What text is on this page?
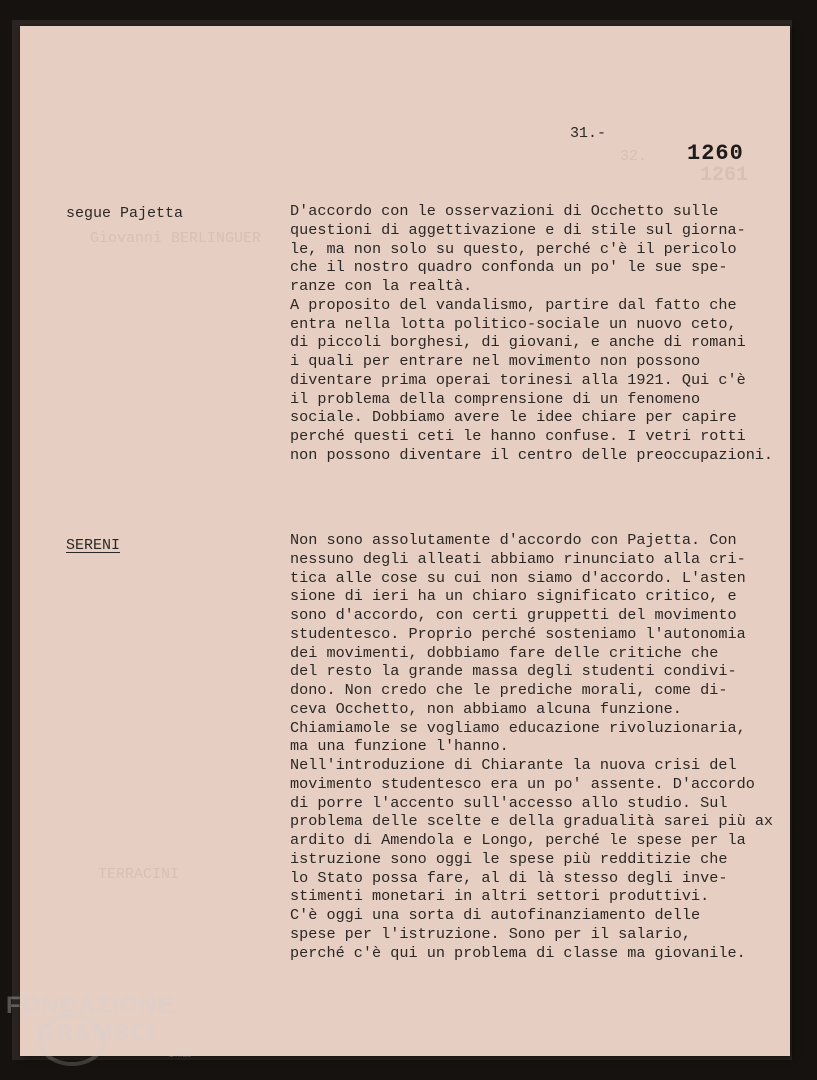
32.
1261
Giovanni BERLINGUER
TERRACINI
31.-
1260
segue Pajetta	D'accordo con le osservazioni di Occhetto sulle
questioni di aggettivazione e di stile sul giorna-
le, ma non solo su questo, perché c'è il pericolo
che il nostro quadro confonda un po' le sue spe-
ranze con la realtà.
A proposito del vandalismo, partire dal fatto che
entra nella lotta politico-sociale un nuovo ceto,
di piccoli borghesi, di giovani, e anche di romani
i quali per entrare nel movimento non possono
diventare prima operai torinesi alla 1921. Qui c'è
il problema della comprensione di un fenomeno
sociale. Dobbiamo avere le idee chiare per capire
perché questi ceti le hanno confuse. I vetri rotti
non possono diventare il centro delle preoccupazioni.
SERENI	Non sono assolutamente d'accordo con Pajetta. Con
nessuno degli alleati abbiamo rinunciato alla cri-
tica alle cose su cui non siamo d'accordo. L'asten
sione di ieri ha un chiaro significato critico, e
sono d'accordo, con certi gruppetti del movimento
studentesco. Proprio perché sosteniamo l'autonomia
dei movimenti, dobbiamo fare delle critiche che
del resto la grande massa degli studenti condivi-
dono. Non credo che le prediche morali, come di-
ceva Occhetto, non abbiamo alcuna funzione.
Chiamiamole se vogliamo educazione rivoluzionaria,
ma una funzione l'hanno.
Nell'introduzione di Chiarante la nuova crisi del
movimento studentesco era un po' assente. D'accordo
di porre l'accento sull'accesso allo studio. Sul
problema delle scelte e della gradualità sarei più ax
ardito di Amendola e Longo, perché le spese per la
istruzione sono oggi le spese più redditizie che
lo Stato possa fare, al di là stesso degli inve-
stimenti monetari in altri settori produttivi.
C'è oggi una sorta di autofinanziamento delle
spese per l'istruzione. Sono per il salario,
perché c'è qui un problema di classe ma giovanile.
FONDAZIONE
GRAMSCI
Onlus
